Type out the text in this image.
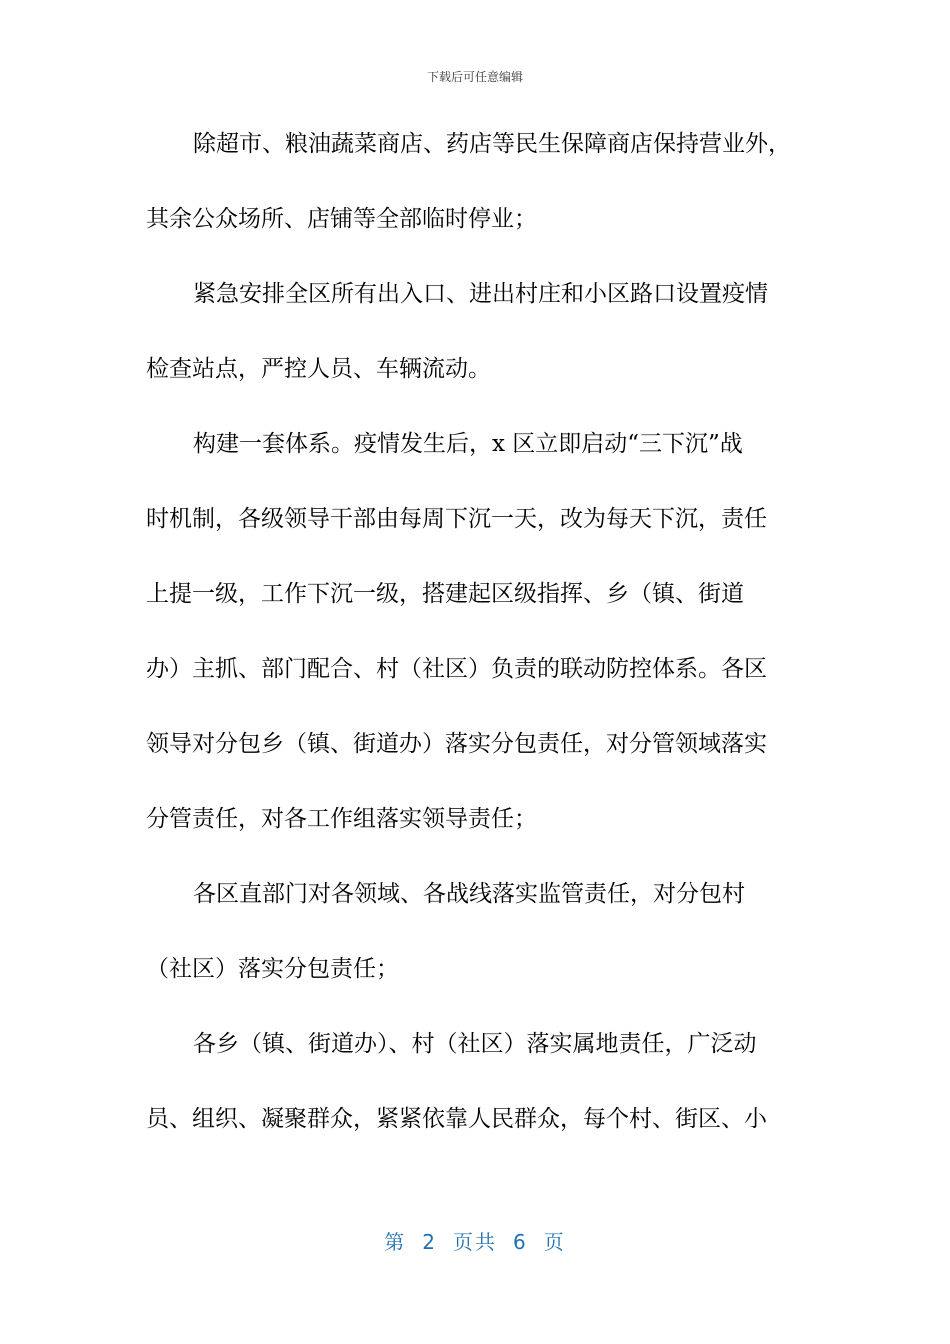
下载后可任意编辑
除超市、粮油蔬菜商店、药店等民生保障商店保持营业外，
其余公众场所、店铺等全部临时停业；
紧急安排全区所有出入口、进出村庄和小区路口设置疫情
检查站点，严控人员、车辆流动。
构建一套体系。疫情发生后，x 区立即启动“三下沉”战
时机制，各级领导干部由每周下沉一天，改为每天下沉，责任
上提一级，工作下沉一级，搭建起区级指挥、乡（镇、街道
办）主抓、部门配合、村（社区）负责的联动防控体系。各区
领导对分包乡（镇、街道办）落实分包责任，对分管领域落实
分管责任，对各工作组落实领导责任；
各区直部门对各领域、各战线落实监管责任，对分包村
（社区）落实分包责任；
各乡（镇、街道办）、村（社区）落实属地责任，广泛动
员、组织、凝聚群众，紧紧依靠人民群众，每个村、街区、小
第 2 页共 6 页
